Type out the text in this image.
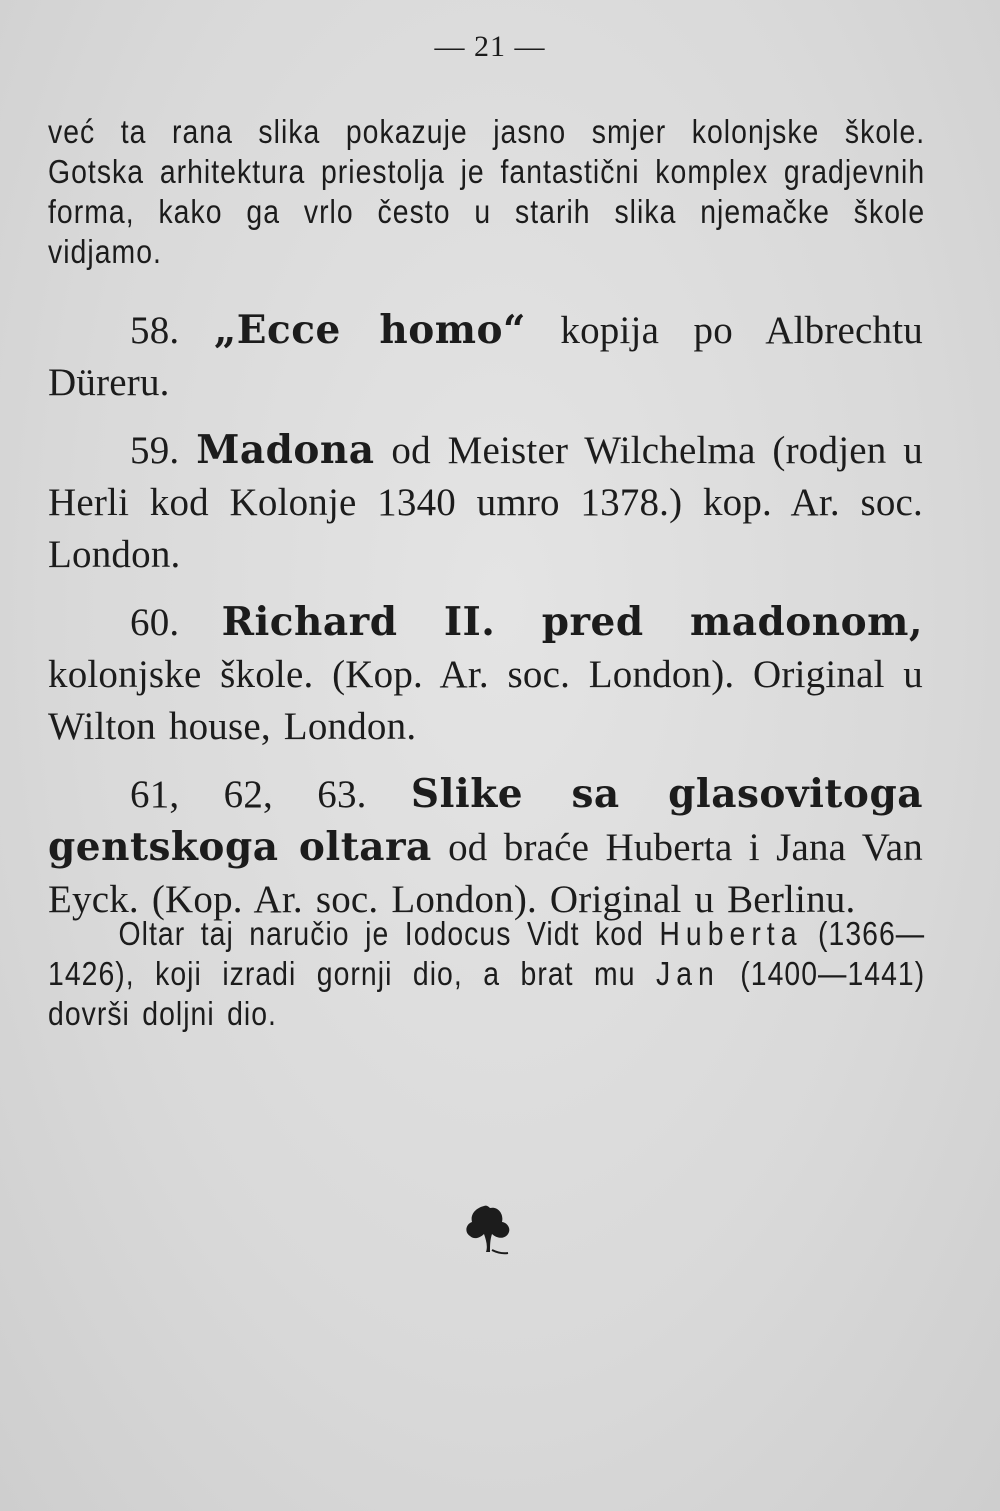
— 21 —
već ta rana slika pokazuje jasno smjer kolonjske škole. Gotska arhitektura priestolja je fantastični komplex gradjevnih forma, kako ga vrlo često u starih slika njemačke škole vidjamo.
58. „Ecce homo“ kopija po Albrechtu Düreru.
59. Madona od Meister Wilchelma (rodjen u Herli kod Kolonje 1340 umro 1378.) kop. Ar. soc. London.
60. Richard II. pred madonom, kolonjske škole. (Kop. Ar. soc. London). Original u Wilton house, London.
61, 62, 63. Slike sa glasovitoga gentskoga oltara od braće Huberta i Jana Van Eyck. (Kop. Ar. soc. London). Original u Berlinu.
Oltar taj naručio je Iodocus Vidt kod Huberta (1366—1426), koji izradi gornji dio, a brat mu Jan (1400—1441) dovrši doljni dio.
